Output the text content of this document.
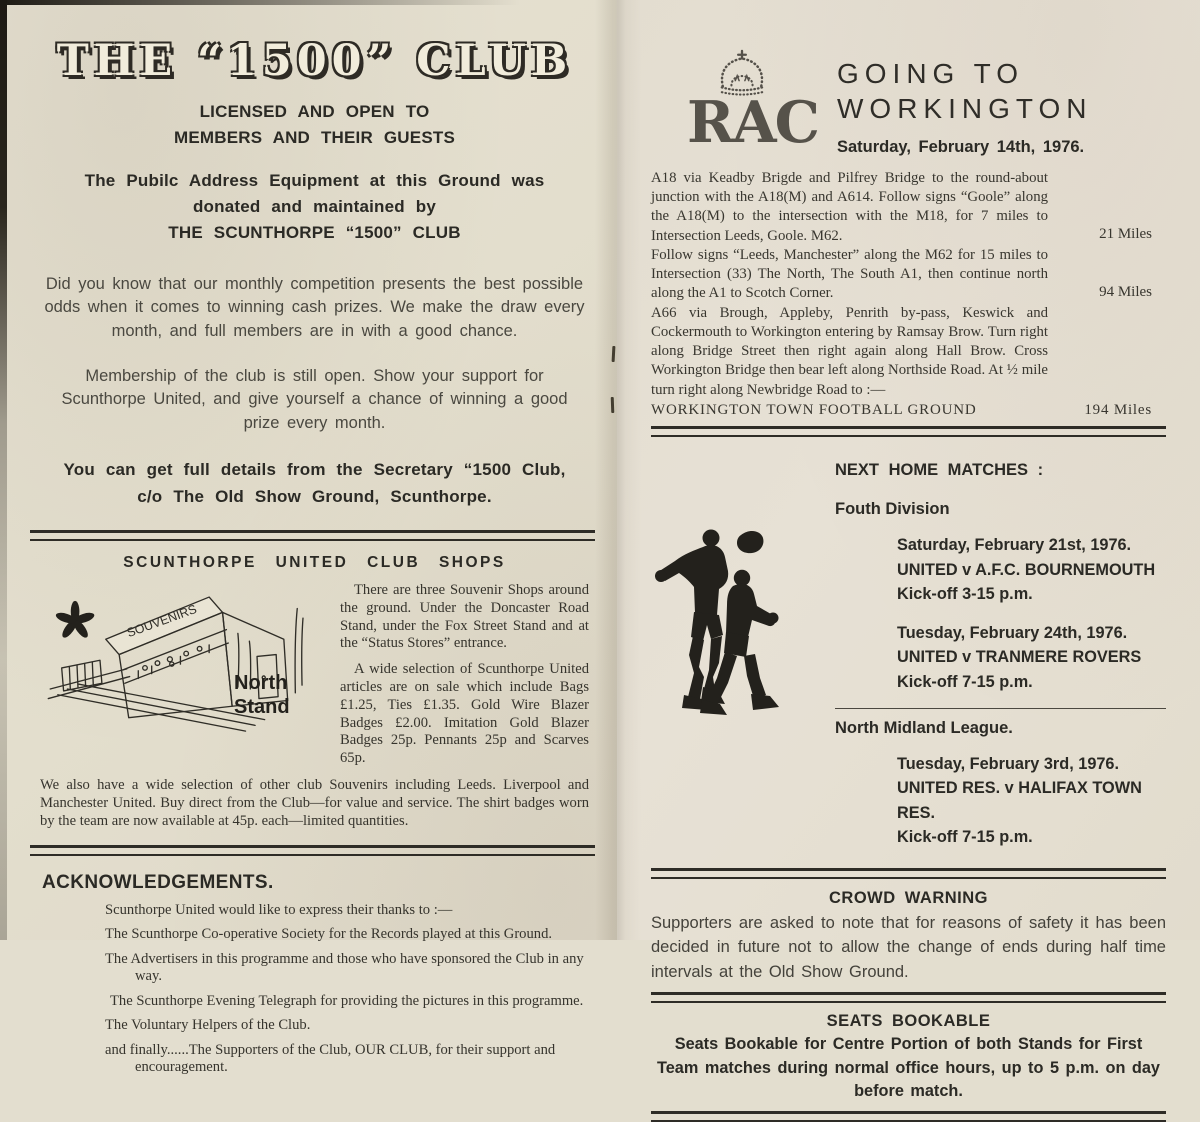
THE “1500” CLUB
LICENSED AND OPEN TO
MEMBERS AND THEIR GUESTS
The Pubilc Address Equipment at this Ground was
donated and maintained by
THE SCUNTHORPE “1500” CLUB
Did you know that our monthly competition presents the best possible odds when it comes to winning cash prizes. We make the draw every month, and full members are in with a good chance.
Membership of the club is still open. Show your support for Scunthorpe United, and give yourself a chance of winning a good prize every month.
You can get full details from the Secretary “1500 Club,
c/o The Old Show Ground, Scunthorpe.
SCUNTHORPE UNITED CLUB SHOPS
SOUVENIRS
North
Stand

There are three Souvenir Shops around the ground. Under the Doncaster Road Stand, under the Fox Street Stand and at the “Status Stores” entrance.

A wide selection of Scunthorpe United articles are on sale which include Bags £1.25, Ties £1.35. Gold Wire Blazer Badges £2.00. Imitation Gold Blazer Badges 25p. Pennants 25p and Scarves 65p.

We also have a wide selection of other club Souvenirs including Leeds. Liverpool and Manchester United. Buy direct from the Club—for value and service. The shirt badges worn by the team are now available at 45p. each—limited quantities.

ACKNOWLEDGEMENTS.

Scunthorpe United would like to express their thanks to :—

The Scunthorpe Co-operative Society for the Records played at this Ground.

The Advertisers in this programme and those who have sponsored the Club in any way.

The Scunthorpe Evening Telegraph for providing the pictures in this programme.

The Voluntary Helpers of the Club.

and finally......The Supporters of the Club, OUR CLUB, for their support and encouragement.

RAC
GOING TO
WORKINGTON
Saturday, February 14th, 1976.
A18 via Keadby Brigde and Pilfrey Bridge to the round-about junction with the A18(M) and A614. Follow signs “Goole” along the A18(M) to the intersection with the M18, for 7 miles to Intersection Leeds, Goole. M62.	21 Miles
Follow signs “Leeds, Manchester” along the M62 for 15 miles to Intersection (33) The North, The South A1, then continue north along the A1 to Scotch Corner.	94 Miles
A66 via Brough, Appleby, Penrith by-pass, Keswick and Cockermouth to Workington entering by Ramsay Brow. Turn right along Bridge Street then right again along Hall Brow. Cross Workington Bridge then bear left along Northside Road. At ½ mile turn right along Newbridge Road to :—
WORKINGTON TOWN FOOTBALL GROUND	194 Miles
NEXT HOME MATCHES :
Fouth Division
Saturday, February 21st, 1976.
UNITED v A.F.C. BOURNEMOUTH
Kick-off 3-15 p.m.
Tuesday, February 24th, 1976.
UNITED v TRANMERE ROVERS
Kick-off 7-15 p.m.
North Midland League.
Tuesday, February 3rd, 1976.
UNITED RES. v HALIFAX TOWN RES.
Kick-off 7-15 p.m.
CROWD WARNING
Supporters are asked to note that for reasons of safety it has been decided in future not to allow the change of ends during half time intervals at the Old Show Ground.
SEATS BOOKABLE
Seats Bookable for Centre Portion of both Stands for First Team matches during normal office hours, up to 5 p.m. on day before match.
